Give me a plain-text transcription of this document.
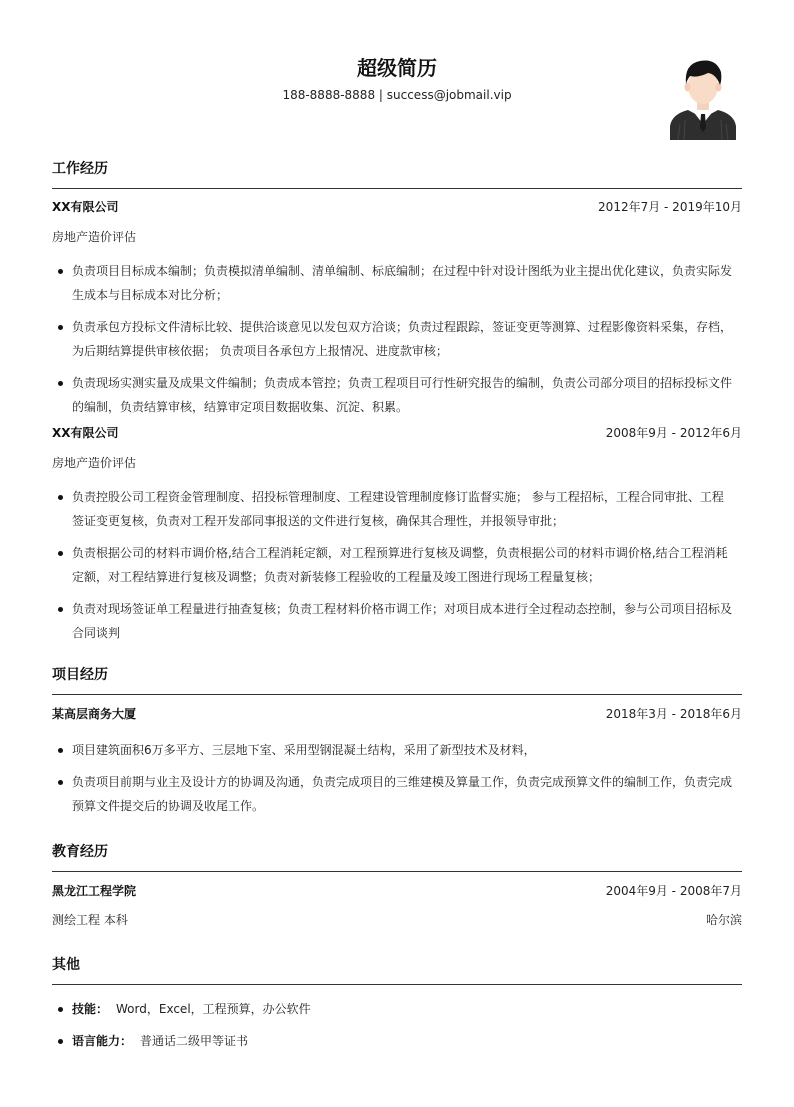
超级简历
188-8888-8888 | success@jobmail.vip
工作经历
XX有限公司	2012年7月 - 2019年10月
房地产造价评估
负责项目目标成本编制；负责模拟清单编制、清单编制、标底编制；在过程中针对设计图纸为业主提出优化建议，负责实际发生成本与目标成本对比分析；
负责承包方投标文件清标比较、提供洽谈意见以发包双方洽谈；负责过程跟踪，签证变更等测算、过程影像资料采集，存档，为后期结算提供审核依据； 负责项目各承包方上报情况、进度款审核；
负责现场实测实量及成果文件编制；负责成本管控；负责工程项目可行性研究报告的编制，负责公司部分项目的招标投标文件的编制，负责结算审核，结算审定项目数据收集、沉淀、积累。
XX有限公司	2008年9月 - 2012年6月
房地产造价评估
负责控股公司工程资金管理制度、招投标管理制度、工程建设管理制度修订监督实施； 参与工程招标，工程合同审批、工程签证变更复核，负责对工程开发部同事报送的文件进行复核，确保其合理性，并报领导审批；
负责根据公司的材料市调价格,结合工程消耗定额，对工程预算进行复核及调整，负责根据公司的材料市调价格,结合工程消耗定额，对工程结算进行复核及调整；负责对新装修工程验收的工程量及竣工图进行现场工程量复核；
负责对现场签证单工程量进行抽查复核；负责工程材料价格市调工作；对项目成本进行全过程动态控制，参与公司项目招标及合同谈判
项目经历
某高层商务大厦	2018年3月 - 2018年6月
项目建筑面积6万多平方、三层地下室、采用型钢混凝土结构，采用了新型技术及材料，
负责项目前期与业主及设计方的协调及沟通，负责完成项目的三维建模及算量工作，负责完成预算文件的编制工作，负责完成预算文件提交后的协调及收尾工作。
教育经历
黑龙江工程学院	2004年9月 - 2008年7月
测绘工程 本科	哈尔滨
其他
技能： Word，Excel，工程预算，办公软件
语言能力： 普通话二级甲等证书
